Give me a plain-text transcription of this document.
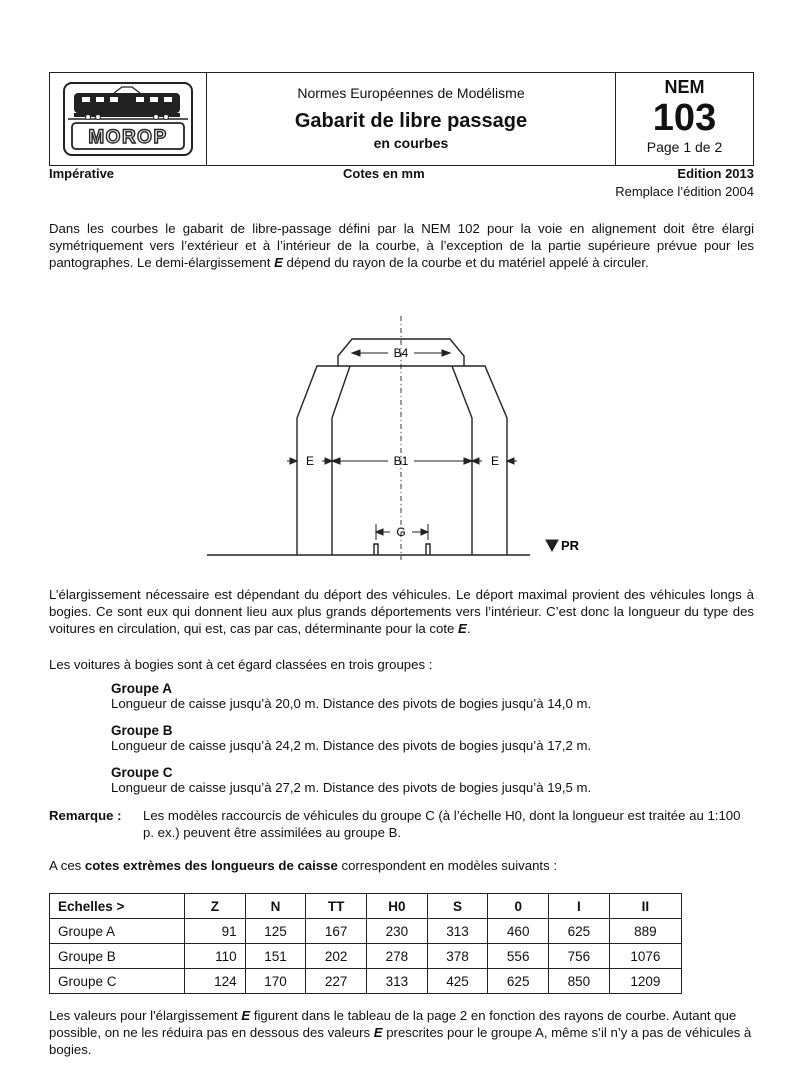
MOROP
Normes Européennes de Modélisme
Gabarit de libre passage
en courbes
NEM
103
Page 1 de 2
Impérative	Cotes en mm	Edition 2013
Remplace l’édition 2004
Dans les courbes le gabarit de libre-passage défini par la NEM 102 pour la voie en alignement doit être élargi symétriquement vers l’extérieur et à l’intérieur de la courbe, à l’exception de la partie supérieure prévue pour les pantographes. Le demi-élargissement E dépend du rayon de la courbe et du matériel appelé à circuler.
B4
B1
E	E
G
PR
L’élargissement nécessaire est dépendant du déport des véhicules. Le déport maximal provient des véhicules longs à bogies. Ce sont eux qui donnent lieu aux plus grands déportements vers l’intérieur. C’est donc la longueur du type des voitures en circulation, qui est, cas par cas, déterminante pour la cote E.
Les voitures à bogies sont à cet égard classées en trois groupes :
Groupe A
Longueur de caisse jusqu’à 20,0 m. Distance des pivots de bogies jusqu’à 14,0 m.
Groupe B
Longueur de caisse jusqu’à 24,2 m. Distance des pivots de bogies jusqu’à 17,2 m.
Groupe C
Longueur de caisse jusqu’à 27,2 m. Distance des pivots de bogies jusqu’à 19,5 m.
Remarque : Les modèles raccourcis de véhicules du groupe C (à l’échelle H0, dont la longueur est traitée au 1:100 p. ex.) peuvent être assimilées au groupe B.
A ces cotes extrèmes des longueurs de caisse correspondent en modèles suivants :
Echelles >	Z	N	TT	H0	S	0	I	II
Groupe A	91	125	167	230	313	460	625	889
Groupe B	110	151	202	278	378	556	756	1076
Groupe C	124	170	227	313	425	625	850	1209
Les valeurs pour l'élargissement E figurent dans le tableau de la page 2 en fonction des rayons de courbe. Autant que possible, on ne les réduira pas en dessous des valeurs E prescrites pour le groupe A, même s’il n’y a pas de véhicules à bogies.
